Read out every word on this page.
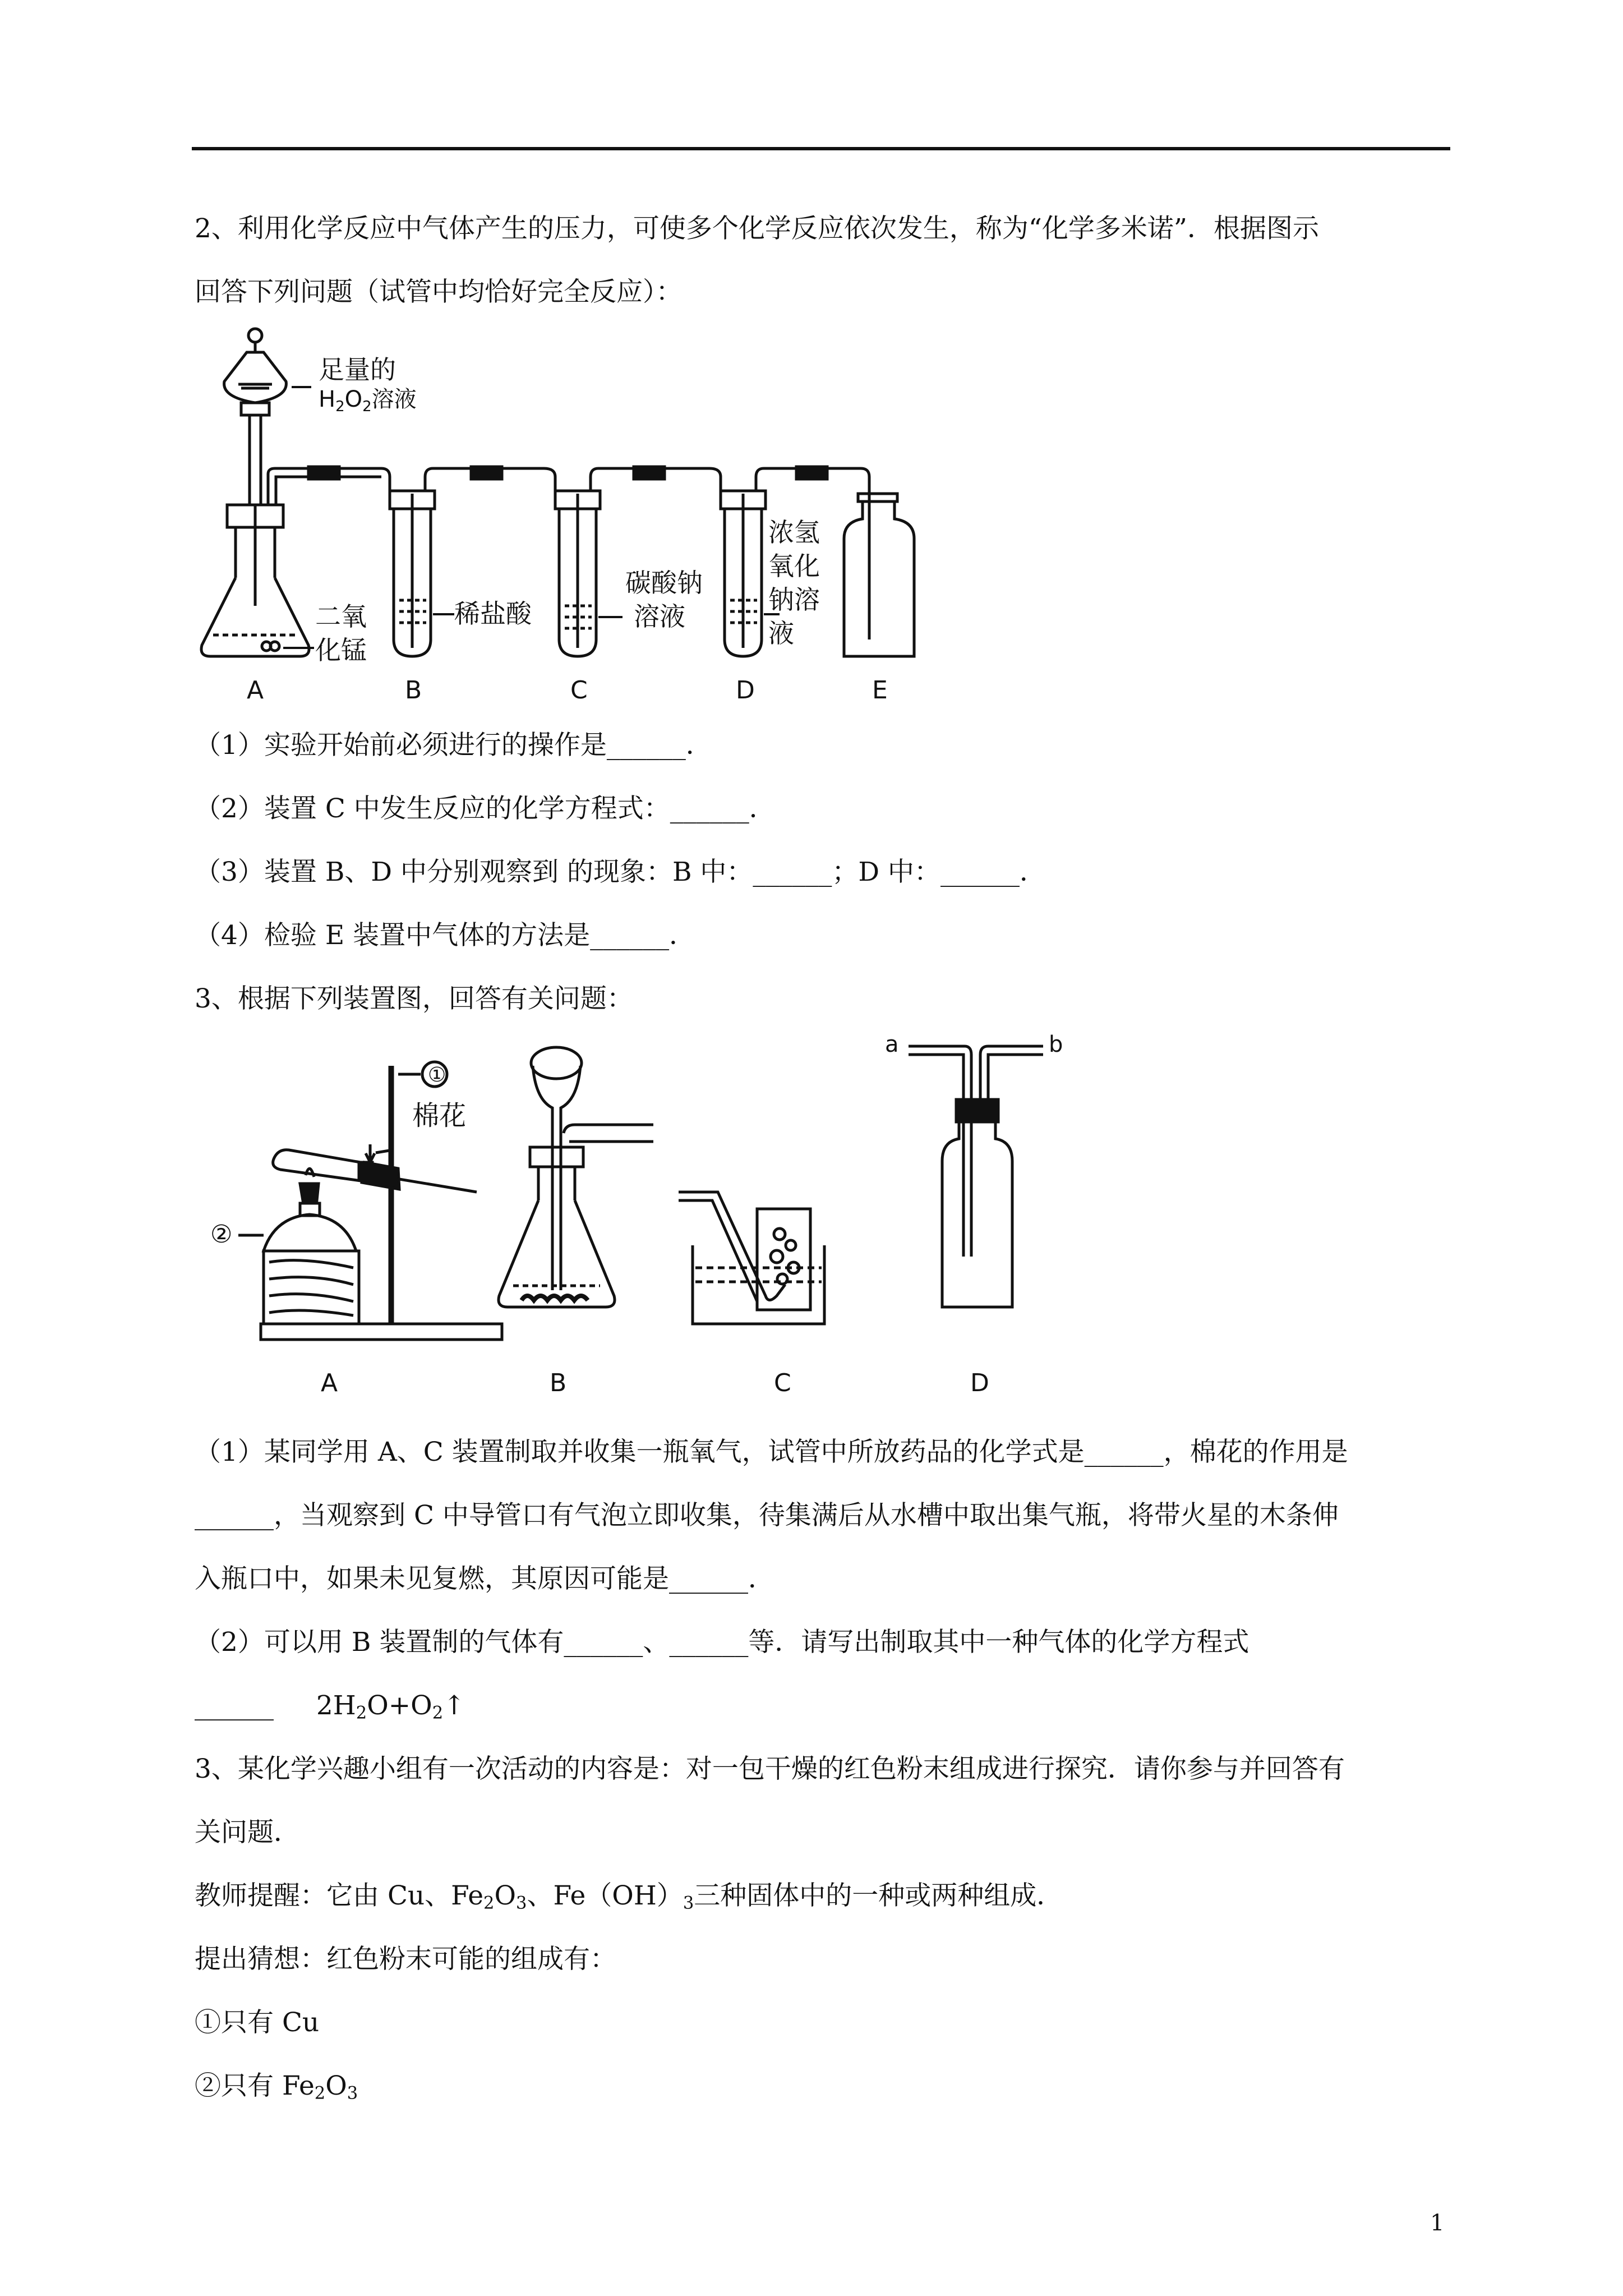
2、利用化学反应中气体产生的压力，可使多个化学反应依次发生，称为“化学多米诺”．根据图示
回答下列问题（试管中均恰好完全反应）：
足量的
$H_2O_2$溶液
二氧
化锰
稀盐酸
碳酸钠
溶液
浓氢
氧化
钠溶
液
A	B	C	D	E
（1）实验开始前必须进行的操作是______．
（2）装置 C 中发生反应的化学方程式：______．
（3）装置 B、D 中分别观察到 的现象：B 中：______；D 中：______．
（4）检验 E 装置中气体的方法是______．
3、根据下列装置图，回答有关问题：
①
②
棉花
a	b
A	B	C	D
（1）某同学用 A、C 装置制取并收集一瓶氧气，试管中所放药品的化学式是______，棉花的作用是
______，当观察到 C 中导管口有气泡立即收集，待集满后从水槽中取出集气瓶，将带火星的木条伸
入瓶口中，如果未见复燃，其原因可能是______．
（2）可以用 B 装置制的气体有______、______等．请写出制取其中一种气体的化学方程式
______ $2H_2O+O_2↑$
3、某化学兴趣小组有一次活动的内容是：对一包干燥的红色粉末组成进行探究．请你参与并回答有
关问题．
教师提醒：它由 Cu、$Fe_2O_3$、$Fe(OH)_3$三种固体中的一种或两种组成．
提出猜想：红色粉末可能的组成有：
①只有 Cu
②只有 $Fe_2O_3$
1
